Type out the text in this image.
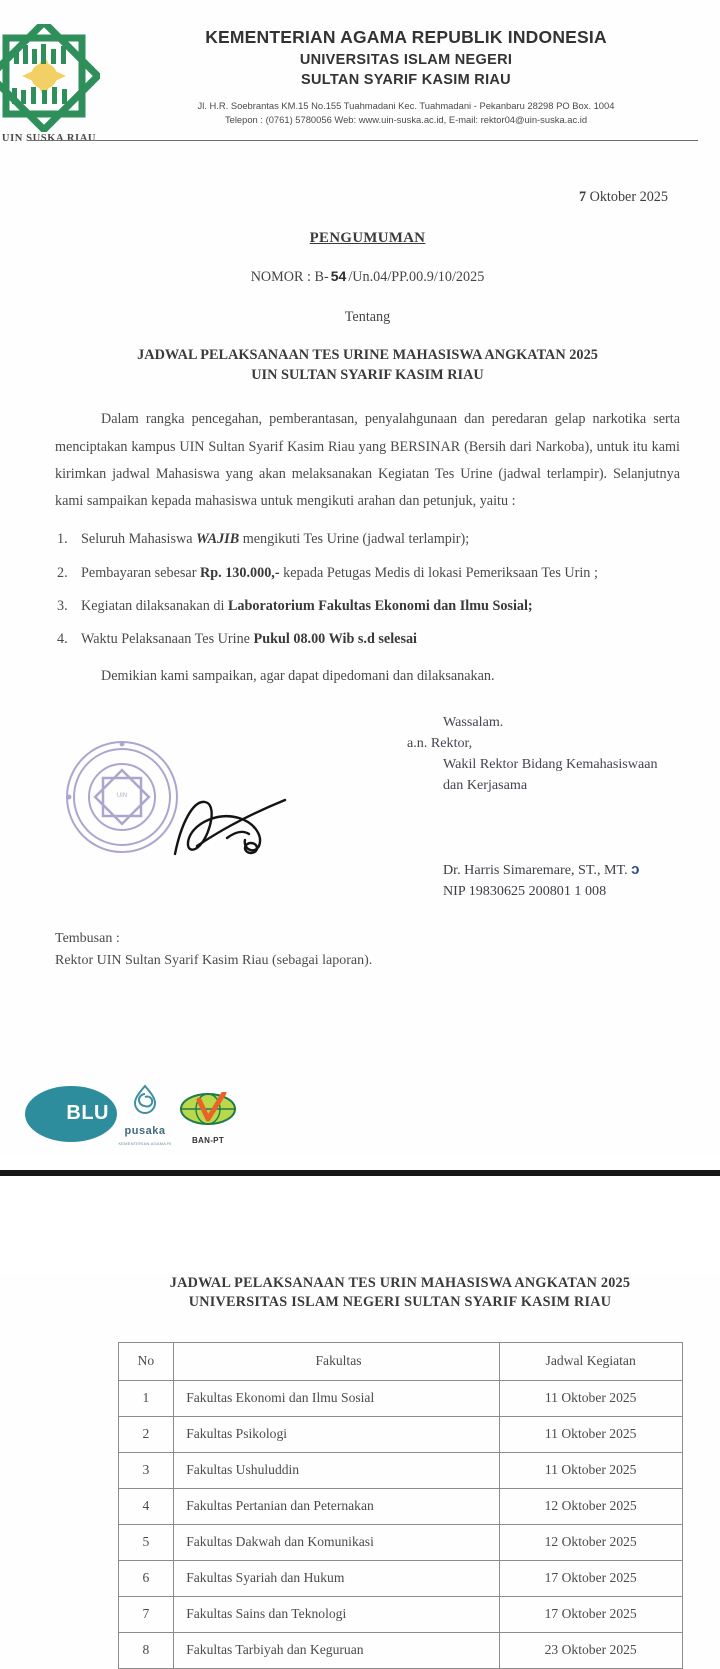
UIN SUSKA RIAU
KEMENTERIAN AGAMA REPUBLIK INDONESIA
UNIVERSITAS ISLAM NEGERI
SULTAN SYARIF KASIM RIAU
Jl. H.R. Soebrantas KM.15 No.155 Tuahmadani Kec. Tuahmadani - Pekanbaru 28298 PO Box. 1004
Telepon : (0761) 5780056 Web: www.uin-suska.ac.id, E-mail: rektor04@uin-suska.ac.id
7 Oktober 2025
PENGUMUMAN
NOMOR : B- 54 /Un.04/PP.00.9/10/2025
Tentang
JADWAL PELAKSANAAN TES URINE MAHASISWA ANGKATAN 2025
UIN SULTAN SYARIF KASIM RIAU
Dalam rangka pencegahan, pemberantasan, penyalahgunaan dan peredaran gelap narkotika serta menciptakan kampus UIN Sultan Syarif Kasim Riau yang BERSINAR (Bersih dari Narkoba), untuk itu kami kirimkan jadwal Mahasiswa yang akan melaksanakan Kegiatan Tes Urine (jadwal terlampir). Selanjutnya kami sampaikan kepada mahasiswa untuk mengikuti arahan dan petunjuk, yaitu :
1. Seluruh Mahasiswa WAJIB mengikuti Tes Urine (jadwal terlampir);
2. Pembayaran sebesar Rp. 130.000,- kepada Petugas Medis di lokasi Pemeriksaan Tes Urin ;
3. Kegiatan dilaksanakan di Laboratorium Fakultas Ekonomi dan Ilmu Sosial;
4. Waktu Pelaksanaan Tes Urine Pukul 08.00 Wib s.d selesai
Demikian kami sampaikan, agar dapat dipedomani dan dilaksanakan.
UIN
Wassalam.
a.n. Rektor,
Wakil Rektor Bidang Kemahasiswaan
dan Kerjasama
Dr. Harris Simaremare, ST., MT. ↄ
NIP 19830625 200801 1 008
Tembusan :
Rektor UIN Sultan Syarif Kasim Riau (sebagai laporan).
BLU
pusaka
KEMENTERIAN AGAMA RI	BAN-PT
JADWAL PELAKSANAAN TES URIN MAHASISWA ANGKATAN 2025
UNIVERSITAS ISLAM NEGERI SULTAN SYARIF KASIM RIAU
No	Fakultas	Jadwal Kegiatan
1	Fakultas Ekonomi dan Ilmu Sosial	11 Oktober 2025
2	Fakultas Psikologi	11 Oktober 2025
3	Fakultas Ushuluddin	11 Oktober 2025
4	Fakultas Pertanian dan Peternakan	12 Oktober 2025
5	Fakultas Dakwah dan Komunikasi	12 Oktober 2025
6	Fakultas Syariah dan Hukum	17 Oktober 2025
7	Fakultas Sains dan Teknologi	17 Oktober 2025
8	Fakultas Tarbiyah dan Keguruan	23 Oktober 2025
